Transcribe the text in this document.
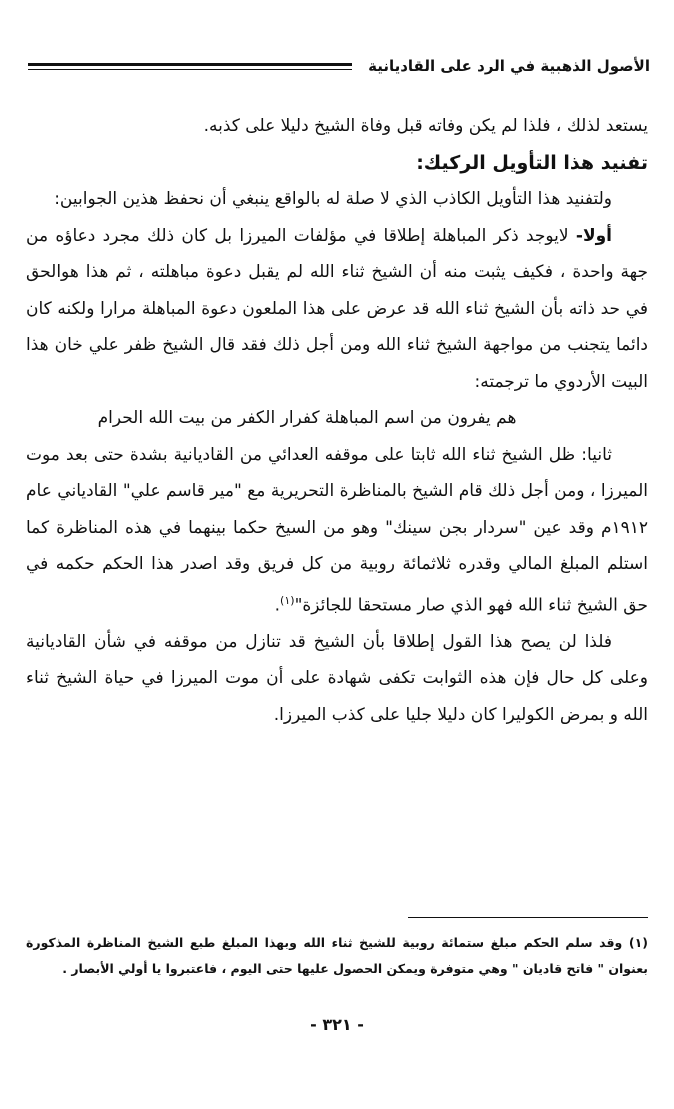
الأصول الذهبية في الرد على القاديانية

يستعد لذلك ، فلذا لم يكن وفاته قبل وفاة الشيخ دليلا على كذبه.

تفنيد هذا التأويل الركيك:

ولتفنيد هذا التأويل الكاذب الذي لا صلة له بالواقع ينبغي أن نحفظ هذين الجوابين:

أولا- لايوجد ذكر المباهلة إطلاقا في مؤلفات الميرزا بل كان ذلك مجرد دعاؤه من جهة واحدة ، فكيف يثبت منه أن الشيخ ثناء الله لم يقبل دعوة مباهلته ، ثم هذا هوالحق في حد ذاته بأن الشيخ ثناء الله قد عرض على هذا الملعون دعوة المباهلة مرارا ولكنه كان دائما يتجنب من مواجهة الشيخ ثناء الله ومن أجل ذلك فقد قال الشيخ ظفر علي خان هذا البيت الأردوي ما ترجمته:

هم يفرون من اسم المباهلة كفرار الكفر من بيت الله الحرام

ثانيا: ظل الشيخ ثناء الله ثابتا على موقفه العدائي من القاديانية بشدة حتى بعد موت الميرزا ، ومن أجل ذلك قام الشيخ بالمناظرة التحريرية مع "مير قاسم علي" القادياني عام ١٩١٢م وقد عين "سردار بجن سينك" وهو من السيخ حكما بينهما في هذه المناظرة كما استلم المبلغ المالي وقدره ثلاثمائة روبية من كل فريق وقد اصدر هذا الحكم حكمه في حق الشيخ ثناء الله فهو الذي صار مستحقا للجائزة"$^{(١)}$.

فلذا لن يصح هذا القول إطلاقا بأن الشيخ قد تنازل من موقفه في شأن القاديانية وعلى كل حال فإن هذه الثوابت تكفى شهادة على أن موت الميرزا في حياة الشيخ ثناء الله و بمرض الكوليرا كان دليلا جليا على كذب الميرزا.

(١) وقد سلم الحكم مبلغ ستمائة روبية للشيخ ثناء الله وبهذا المبلغ طبع الشيخ المناظرة المذكورة بعنوان " فاتح قاديان " وهي متوفرة ويمكن الحصول عليها حتى اليوم ، فاعتبروا يا أولي الأبصار .

- ٣٢١ -
